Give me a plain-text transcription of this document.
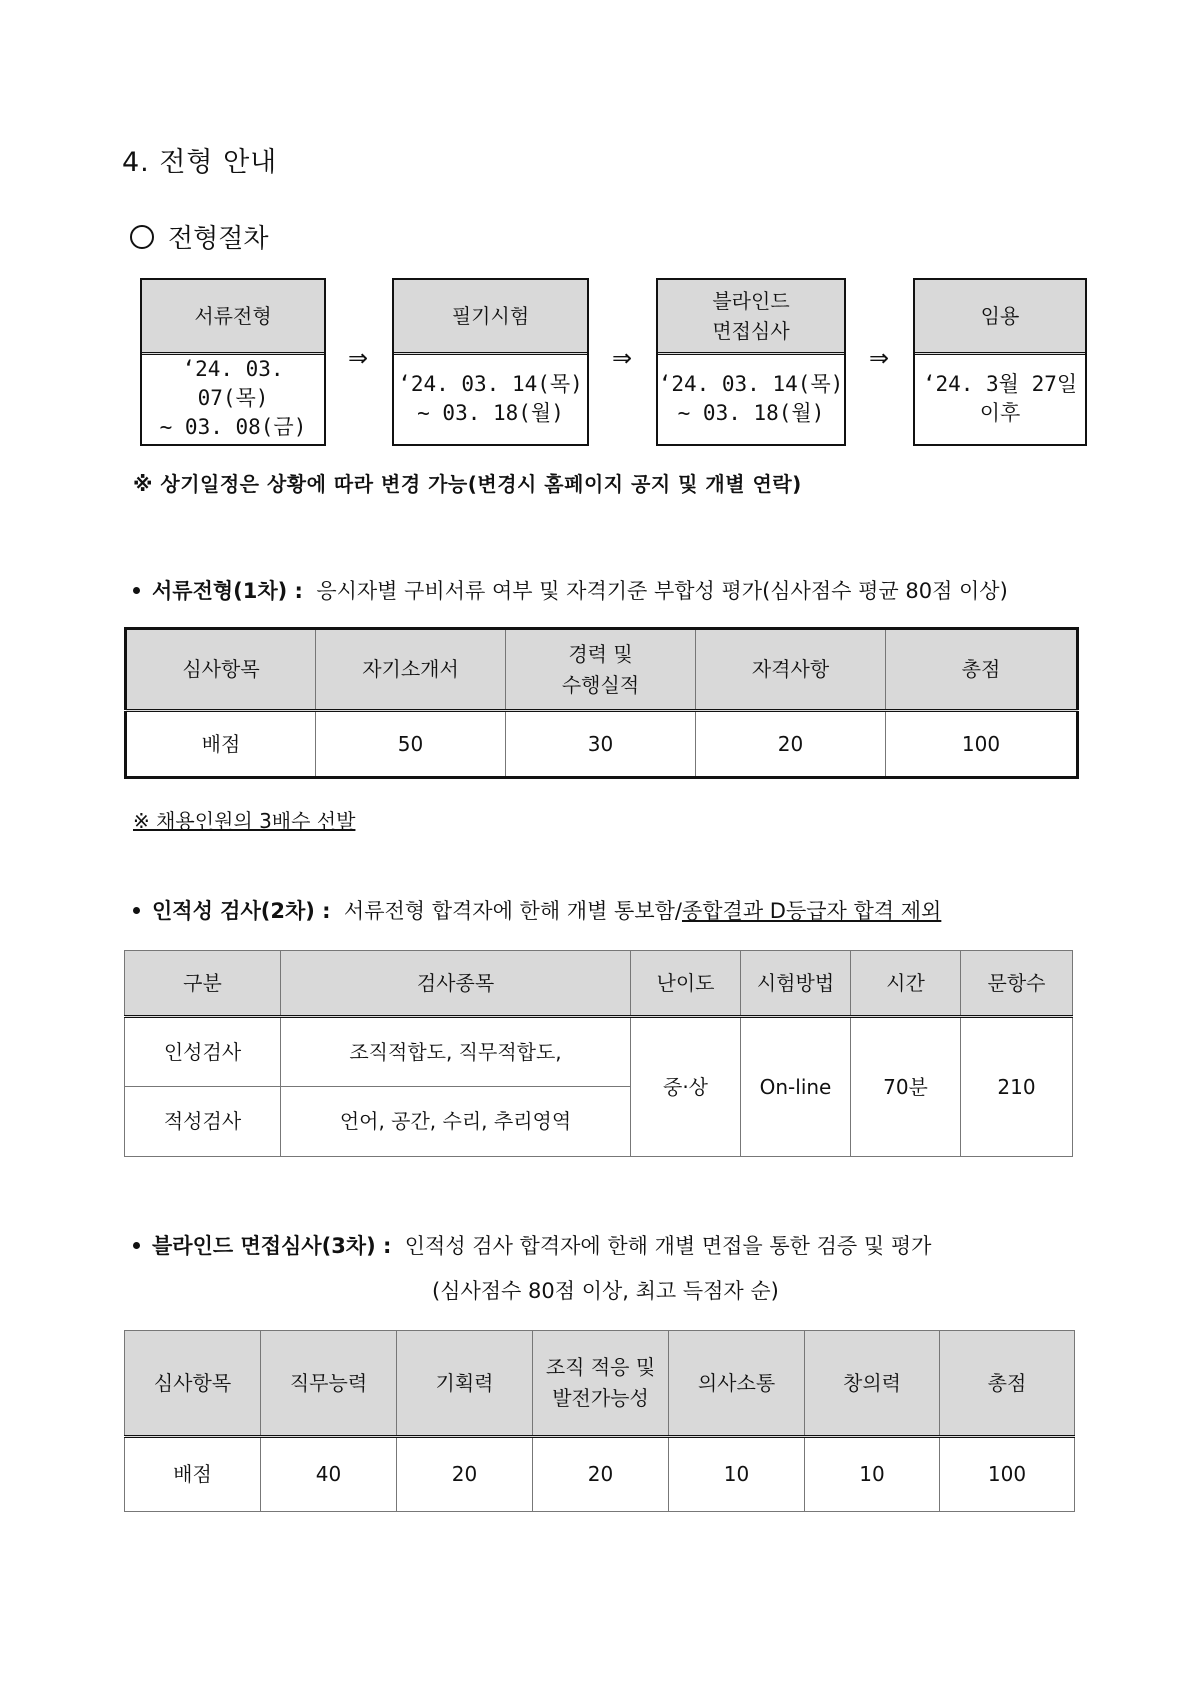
4. 전형 안내
전형절차
서류전형
‘24. 03. 07(목)
~ 03. 08(금)
⇒
필기시험
‘24. 03. 14(목)
~ 03. 18(월)
⇒
블라인드
면접심사
‘24. 03. 14(목)
~ 03. 18(월)
⇒
임용
‘24. 3월 27일
이후
※ 상기일정은 상황에 따라 변경 가능(변경시 홈페이지 공지 및 개별 연락)
서류전형(1차) : 응시자별 구비서류 여부 및 자격기준 부합성 평가(심사점수 평균 80점 이상)
심사항목	자기소개서	경력 및 수행실적	자격사항	총점
배점	50	30	20	100
※ 채용인원의 3배수 선발
인적성 검사(2차) : 서류전형 합격자에 한해 개별 통보함/종합결과 D등급자 합격 제외
구분	검사종목	난이도	시험방법	시간	문항수
인성검사	조직적합도, 직무적합도,	중·상	On-line	70분	210
적성검사	언어, 공간, 수리, 추리영역				
블라인드 면접심사(3차) : 인적성 검사 합격자에 한해 개별 면접을 통한 검증 및 평가
(심사점수 80점 이상, 최고 득점자 순)
심사항목	직무능력	기획력	조직 적응 및 발전가능성	의사소통	창의력	총점
배점	40	20	20	10	10	100
